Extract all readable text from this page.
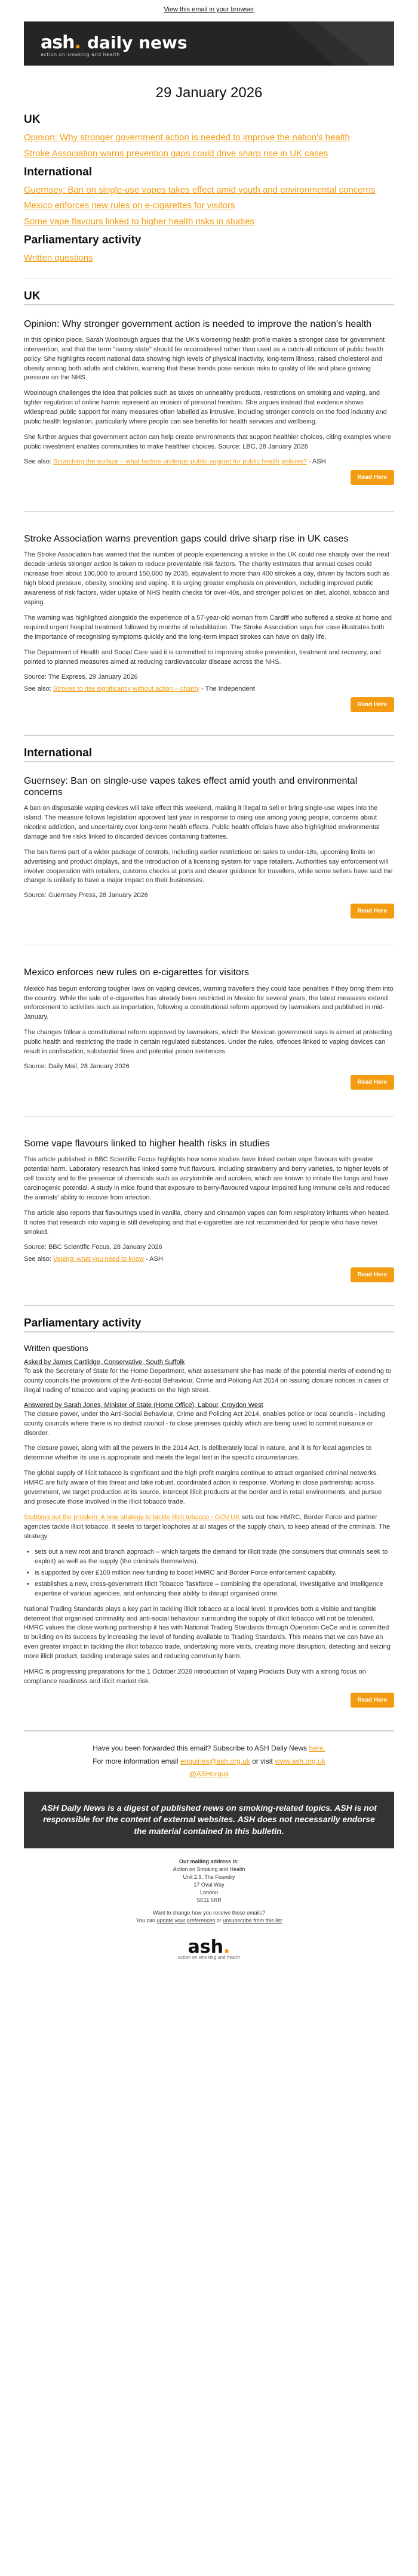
View this email in your browser
ash. daily news
action on smoking and health
29 January 2026
UK
Opinion: Why stronger government action is needed to improve the nation's health
Stroke Association warns prevention gaps could drive sharp rise in UK cases
International
Guernsey: Ban on single-use vapes takes effect amid youth and environmental concerns
Mexico enforces new rules on e-cigarettes for visitors
Some vape flavours linked to higher health risks in studies
Parliamentary activity
Written questions
UK
Opinion: Why stronger government action is needed to improve the nation's health

In this opinion piece, Sarah Woolnough argues that the UK's worsening health profile makes a stronger case for government intervention, and that the term "nanny state" should be reconsidered rather than used as a catch-all criticism of public health policy. She highlights recent national data showing high levels of physical inactivity, long-term illness, raised cholesterol and obesity among both adults and children, warning that these trends pose serious risks to quality of life and place growing pressure on the NHS.

Woolnough challenges the idea that policies such as taxes on unhealthy products, restrictions on smoking and vaping, and tighter regulation of online harms represent an erosion of personal freedom. She argues instead that evidence shows widespread public support for many measures often labelled as intrusive, including stronger controls on the food industry and public health legislation, particularly where people can see benefits for health services and wellbeing.

She further argues that government action can help create environments that support healthier choices, citing examples where public investment enables communities to make healthier choices. Source: LBC, 28 January 2026

See also: Scratching the surface – what factors underpin public support for public health policies? - ASH
Read Here
Stroke Association warns prevention gaps could drive sharp rise in UK cases

The Stroke Association has warned that the number of people experiencing a stroke in the UK could rise sharply over the next decade unless stronger action is taken to reduce preventable risk factors. The charity estimates that annual cases could increase from about 100,000 to around 150,000 by 2035, equivalent to more than 400 strokes a day, driven by factors such as high blood pressure, obesity, smoking and vaping. It is urging greater emphasis on prevention, including improved public awareness of risk factors, wider uptake of NHS health checks for over-40s, and stronger policies on diet, alcohol, tobacco and vaping.

The warning was highlighted alongside the experience of a 57-year-old woman from Cardiff who suffered a stroke at home and required urgent hospital treatment followed by months of rehabilitation. The Stroke Association says her case illustrates both the importance of recognising symptoms quickly and the long-term impact strokes can have on daily life.

The Department of Health and Social Care said it is committed to improving stroke prevention, treatment and recovery, and pointed to planned measures aimed at reducing cardiovascular disease across the NHS.

Source: The Express, 29 January 2026
See also: Strokes to rise significantly without action – charity - The Independent
Read Here
International
Guernsey: Ban on single-use vapes takes effect amid youth and environmental concerns

A ban on disposable vaping devices will take effect this weekend, making it illegal to sell or bring single-use vapes into the island. The measure follows legislation approved last year in response to rising use among young people, concerns about nicotine addiction, and uncertainty over long-term health effects. Public health officials have also highlighted environmental damage and fire risks linked to discarded devices containing batteries.

The ban forms part of a wider package of controls, including earlier restrictions on sales to under-18s, upcoming limits on advertising and product displays, and the introduction of a licensing system for vape retailers. Authorities say enforcement will involve cooperation with retailers, customs checks at ports and clearer guidance for travellers, while some sellers have said the change is unlikely to have a major impact on their businesses.

Source: Guernsey Press, 28 January 2026
Read Here
Mexico enforces new rules on e-cigarettes for visitors

Mexico has begun enforcing tougher laws on vaping devices, warning travellers they could face penalties if they bring them into the country. While the sale of e-cigarettes has already been restricted in Mexico for several years, the latest measures extend enforcement to activities such as importation, following a constitutional reform approved by lawmakers and published in mid-January.

The changes follow a constitutional reform approved by lawmakers, which the Mexican government says is aimed at protecting public health and restricting the trade in certain regulated substances. Under the rules, offences linked to vaping devices can result in confiscation, substantial fines and potential prison sentences.

Source: Daily Mail, 28 January 2026
Read Here
Some vape flavours linked to higher health risks in studies

This article published in BBC Scientific Focus highlights how some studies have linked certain vape flavours with greater potential harm. Laboratory research has linked some fruit flavours, including strawberry and berry varieties, to higher levels of cell toxicity and to the presence of chemicals such as acrylonitrile and acrolein, which are known to irritate the lungs and have carcinogenic potential. A study in mice found that exposure to berry-flavoured vapour impaired lung immune cells and reduced the animals' ability to recover from infection.

The article also reports that flavourings used in vanilla, cherry and cinnamon vapes can form respiratory irritants when heated. It notes that research into vaping is still developing and that e-cigarettes are not recommended for people who have never smoked.

Source: BBC Scientific Focus, 28 January 2026
See also: Vaping: what you need to know - ASH
Read Here
Parliamentary activity
Written questions
Asked by James Cartlidge, Conservative, South Suffolk

To ask the Secretary of State for the Home Department, what assessment she has made of the potential merits of extending to county councils the provisions of the Anti-social Behaviour, Crime and Policing Act 2014 on issuing closure notices in cases of illegal trading of tobacco and vaping products on the high street.

Answered by Sarah Jones, Minister of State (Home Office), Labour, Croydon West

The closure power, under the Anti-Social Behaviour, Crime and Policing Act 2014, enables police or local councils - including county councils where there is no district council - to close premises quickly which are being used to commit nuisance or disorder.

The closure power, along with all the powers in the 2014 Act, is deliberately local in nature, and it is for local agencies to determine whether its use is appropriate and meets the legal test in the specific circumstances.

The global supply of illicit tobacco is significant and the high profit margins continue to attract organised criminal networks. HMRC are fully aware of this threat and take robust, coordinated action in response. Working in close partnership across government, we target production at its source, intercept illicit products at the border and in retail environments, and pursue and prosecute those involved in the illicit tobacco trade.

Stubbing out the problem: A new strategy to tackle illicit tobacco - GOV.UK sets out how HMRC, Border Force and partner agencies tackle illicit tobacco. It seeks to target loopholes at all stages of the supply chain, to keep ahead of the criminals. The strategy:

• sets out a new root and branch approach – which targets the demand for illicit trade (the consumers that criminals seek to exploit) as well as the supply (the criminals themselves).
• is supported by over £100 million new funding to boost HMRC and Border Force enforcement capability.
• establishes a new, cross-government Illicit Tobacco Taskforce – combining the operational, investigative and intelligence expertise of various agencies, and enhancing their ability to disrupt organised crime.

National Trading Standards plays a key part in tackling illicit tobacco at a local level. It provides both a visible and tangible deterrent that organised criminality and anti-social behaviour surrounding the supply of illicit tobacco will not be tolerated. HMRC values the close working partnership it has with National Trading Standards through Operation CeCe and is committed to building on its success by increasing the level of funding available to Trading Standards. This means that we can have an even greater impact in tackling the illicit tobacco trade, undertaking more visits, creating more disruption, detecting and seizing more illicit product, tackling underage sales and reducing community harm.

HMRC is progressing preparations for the 1 October 2026 introduction of Vaping Products Duty with a strong focus on compliance readiness and illicit market risk.

Read Here
Have you been forwarded this email? Subscribe to ASH Daily News here.
For more information email enquiries@ash.org.uk or visit www.ash.org.uk
@ASHorguk
ASH Daily News is a digest of published news on smoking-related topics. ASH is not responsible for the content of external websites. ASH does not necessarily endorse the material contained in this bulletin.
Our mailing address is:
Action on Smoking and Health
Unit 2.9, The Foundry
17 Oval Way
London
SE11 5RR
Want to change how you receive these emails?
You can update your preferences or unsubscribe from this list
ash.
action on smoking and health
